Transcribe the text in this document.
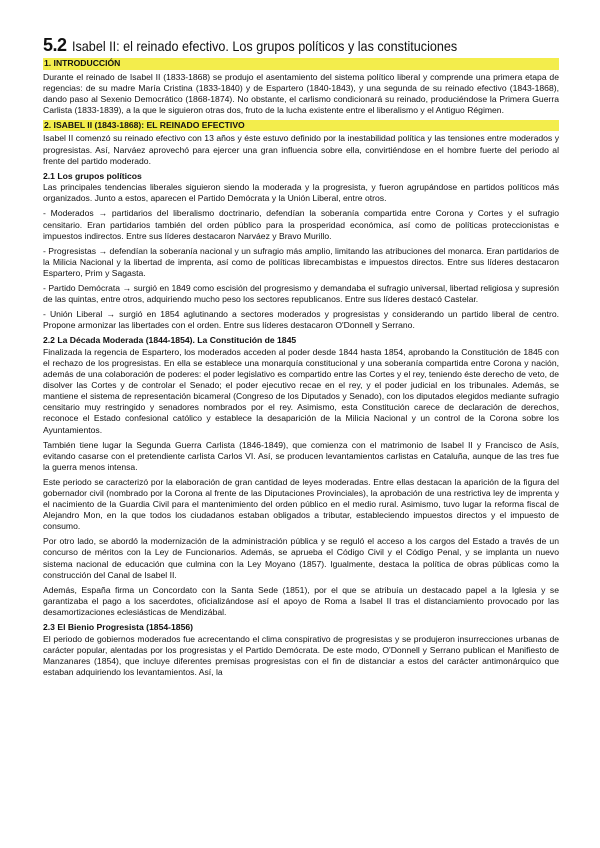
5.2 Isabel II: el reinado efectivo. Los grupos políticos y las constituciones
1. INTRODUCCIÓN

Durante el reinado de Isabel II (1833-1868) se produjo el asentamiento del sistema político liberal y comprende una primera etapa de regencias: de su madre María Cristina (1833-1840) y de Espartero (1840-1843), y una segunda de su reinado efectivo (1843-1868), dando paso al Sexenio Democrático (1868-1874). No obstante, el carlismo condicionará su reinado, produciéndose la Primera Guerra Carlista (1833-1839), a la que le siguieron otras dos, fruto de la lucha existente entre el liberalismo y el Antiguo Régimen.

2. ISABEL II (1843-1868): EL REINADO EFECTIVO

Isabel II comenzó su reinado efectivo con 13 años y éste estuvo definido por la inestabilidad política y las tensiones entre moderados y progresistas. Así, Narváez aprovechó para ejercer una gran influencia sobre ella, convirtiéndose en el hombre fuerte del periodo al frente del partido moderado.

2.1 Los grupos políticos

Las principales tendencias liberales siguieron siendo la moderada y la progresista, y fueron agrupándose en partidos políticos más organizados. Junto a estos, aparecen el Partido Demócrata y la Unión Liberal, entre otros.

- Moderados → partidarios del liberalismo doctrinario, defendían la soberanía compartida entre Corona y Cortes y el sufragio censitario. Eran partidarios también del orden público para la prosperidad económica, así como de políticas proteccionistas e impuestos indirectos. Entre sus líderes destacaron Narváez y Bravo Murillo.

- Progresistas → defendían la soberanía nacional y un sufragio más amplio, limitando las atribuciones del monarca. Eran partidarios de la Milicia Nacional y la libertad de imprenta, así como de políticas librecambistas e impuestos directos. Entre sus líderes destacaron Espartero, Prim y Sagasta.

- Partido Demócrata → surgió en 1849 como escisión del progresismo y demandaba el sufragio universal, libertad religiosa y supresión de las quintas, entre otros, adquiriendo mucho peso los sectores republicanos. Entre sus líderes destacó Castelar.

- Unión Liberal → surgió en 1854 aglutinando a sectores moderados y progresistas y considerando un partido liberal de centro. Propone armonizar las libertades con el orden. Entre sus líderes destacaron O'Donnell y Serrano.

2.2 La Década Moderada (1844-1854). La Constitución de 1845

Finalizada la regencia de Espartero, los moderados acceden al poder desde 1844 hasta 1854, aprobando la Constitución de 1845 con el rechazo de los progresistas. En ella se establece una monarquía constitucional y una soberanía compartida entre Corona y nación, además de una colaboración de poderes: el poder legislativo es compartido entre las Cortes y el rey, teniendo éste derecho de veto, de disolver las Cortes y de controlar el Senado; el poder ejecutivo recae en el rey, y el poder judicial en los tribunales. Además, se mantiene el sistema de representación bicameral (Congreso de los Diputados y Senado), con los diputados elegidos mediante sufragio censitario muy restringido y senadores nombrados por el rey. Asimismo, esta Constitución carece de declaración de derechos, reconoce el Estado confesional católico y establece la desaparición de la Milicia Nacional y un control de la Corona sobre los Ayuntamientos.

También tiene lugar la Segunda Guerra Carlista (1846-1849), que comienza con el matrimonio de Isabel II y Francisco de Asís, evitando casarse con el pretendiente carlista Carlos VI. Así, se producen levantamientos carlistas en Cataluña, aunque de las tres fue la guerra menos intensa.

Este periodo se caracterizó por la elaboración de gran cantidad de leyes moderadas. Entre ellas destacan la aparición de la figura del gobernador civil (nombrado por la Corona al frente de las Diputaciones Provinciales), la aprobación de una restrictiva ley de imprenta y el nacimiento de la Guardia Civil para el mantenimiento del orden público en el medio rural. Asimismo, tuvo lugar la reforma fiscal de Alejandro Mon, en la que todos los ciudadanos estaban obligados a tributar, estableciendo impuestos directos y el impuesto de consumo.

Por otro lado, se abordó la modernización de la administración pública y se reguló el acceso a los cargos del Estado a través de un concurso de méritos con la Ley de Funcionarios. Además, se aprueba el Código Civil y el Código Penal, y se implanta un nuevo sistema nacional de educación que culmina con la Ley Moyano (1857). Igualmente, destaca la política de obras públicas como la construcción del Canal de Isabel II.

Además, España firma un Concordato con la Santa Sede (1851), por el que se atribuía un destacado papel a la Iglesia y se garantizaba el pago a los sacerdotes, oficializándose así el apoyo de Roma a Isabel II tras el distanciamiento provocado por las desamortizaciones eclesiásticas de Mendizábal.

2.3 El Bienio Progresista (1854-1856)

El periodo de gobiernos moderados fue acrecentando el clima conspirativo de progresistas y se produjeron insurrecciones urbanas de carácter popular, alentadas por los progresistas y el Partido Demócrata. De este modo, O'Donnell y Serrano publican el Manifiesto de Manzanares (1854), que incluye diferentes premisas progresistas con el fin de distanciar a estos del carácter antimonárquico que estaban adquiriendo los levantamientos. Así, la
